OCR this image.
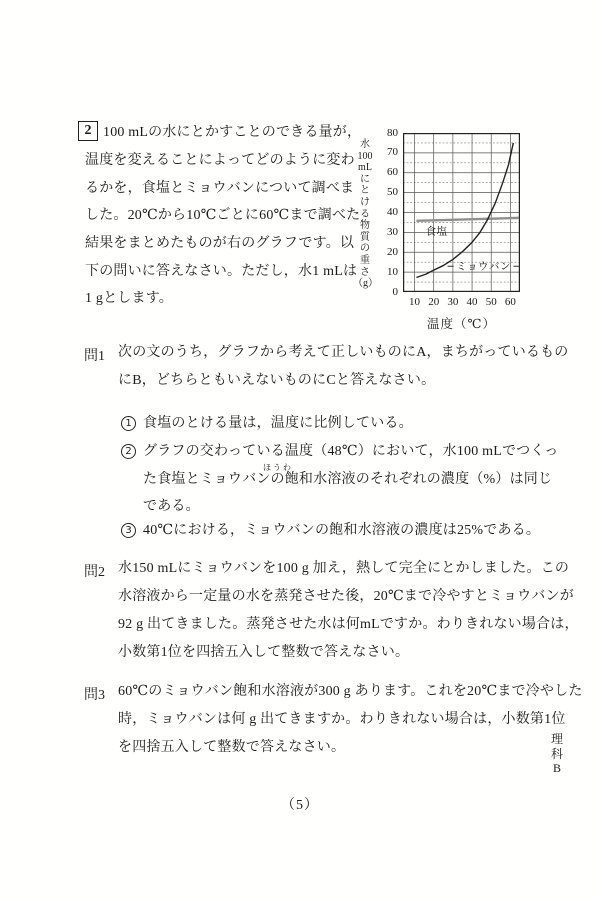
2 100 mLの水にとかすことのできる量が，
温度を変えることによってどのように変わ
るかを，食塩とミョウバンについて調べま
した。20℃から10℃ごとに60℃まで調べた
結果をまとめたものが右のグラフです。以
下の問いに答えなさい。ただし，水1 mLは
1 gとします。
水
100
mL
に
と
け
る
物
質
の
重
さ
（g）
80
70
60
50
40
30
20
10
0
食塩
ミョウバン
10 20 30 40 50 60
温度（℃）
問1 次の文のうち，グラフから考えて正しいものにA，まちがっているもの
にB，どちらともいえないものにCと答えなさい。
1 食塩のとける量は，温度に比例している。
2 グラフの交わっている温度（48℃）において，水100 mLでつくっ
た食塩とミョウバンの飽和水溶液のそれぞれの濃度（%）は同じ
ほうわ
である。
3 40℃における，ミョウバンの飽和水溶液の濃度は25%である。
問2 水150 mLにミョウバンを100 g 加え，熱して完全にとかしました。この
水溶液から一定量の水を蒸発させた後，20℃まで冷やすとミョウバンが
92 g 出てきました。蒸発させた水は何mLですか。わりきれない場合は，
小数第1位を四捨五入して整数で答えなさい。
問3 60℃のミョウバン飽和水溶液が300 g あります。これを20℃まで冷やした
時，ミョウバンは何 g 出てきますか。わりきれない場合は，小数第1位
を四捨五入して整数で答えなさい。
（5）
理
科
B
